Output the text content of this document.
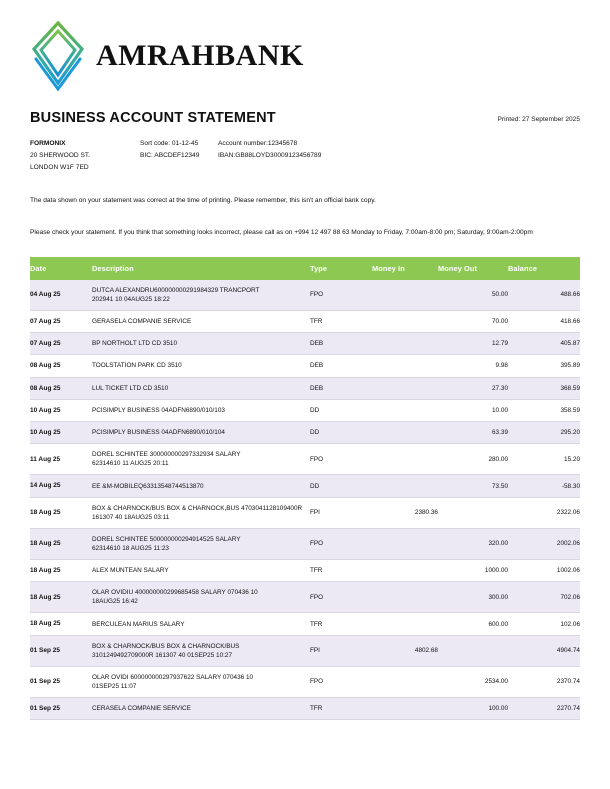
AMRAHBANK
BUSINESS ACCOUNT STATEMENT	Printed: 27 September 2025
FORMONIX
20 SHERWOOD ST.
LONDON W1F 7ED
Sort code: 01-12-45
BIC: ABCDEF12349
Account number:12345678
IBAN:GB88LOYD30009123456789
The data shown on your statement was correct at the time of printing. Please remember, this isn't an official bank copy.
Please check your statement. If you think that something looks incorrect, please call as on +994 12 497 88 63 Monday to Friday, 7:00am-8:00 pm; Saturday, 9:00am-2:00pm
Date	Description	Type	Money In	Money Out	Balance
04 Aug 25	DUTCA ALEXANDRU600000000291984329 TRANCPORT
202941 10 04AUG25 18:22	FPO		50.00	488.66
07 Aug 25	GERASELA COMPANIE SERVICE	TFR		70.00	418.66
07 Aug 25	BP NORTHOLT LTD CD 3510	DEB		12.79	405.87
08 Aug 25	TOOLSTATION PARK CD 3510	DEB		9.98	395.89
08 Aug 25	LUL TICKET LTD CD 3510	DEB		27.30	368.59
10 Aug 25	PCISIMPLY BUSINESS 04ADFN6890/010/103	DD		10.00	358.59
10 Aug 25	PCISIMPLY BUSINESS 04ADFN6890/010/104	DD		63.39	295.20
11 Aug 25	DOREL SCHINTEE 300000000297332934 SALARY
62314610 11 AUG25 20:11	FPO		280.00	15.20
14 Aug 25	EE &M-MOBILEQ63313548744513870	DD		73.50	-58.30
18 Aug 25	BOX & CHARNOCK/BUS BOX & CHARNOCK,BUS 4703041128109400R
161307 40 18AUG25 03:11	FPI	2380.36		2322.06
18 Aug 25	DOREL SCHINTEE 500000000294914525 SALARY
62314610 18 AUG25 11:23	FPO		320.00	2002.06
18 Aug 25	ALEX MUNTEAN SALARY	TFR		1000.00	1002.06
18 Aug 25	OLAR OVIDIU 400000000299685458 SALARY 070436 10
18AUG25 16:42	FPO		300.00	702.06
18 Aug 25	BERCULEAN MARIUS SALARY	TFR		600.00	102.06
01 Sep 25	BOX & CHARNOCK/BUS BOX & CHARNOCK/BUS
3101249492709000R 161307 40 01SEP25 10:27	FPI	4802.68		4904.74
01 Sep 25	OLAR OVIDI 600000000297937622 SALARY 070436 10
01SEP25 11:07	FPO		2534.00	2370.74
01 Sep 25	CERASELA COMPANIE SERVICE	TFR		100.00	2270.74
